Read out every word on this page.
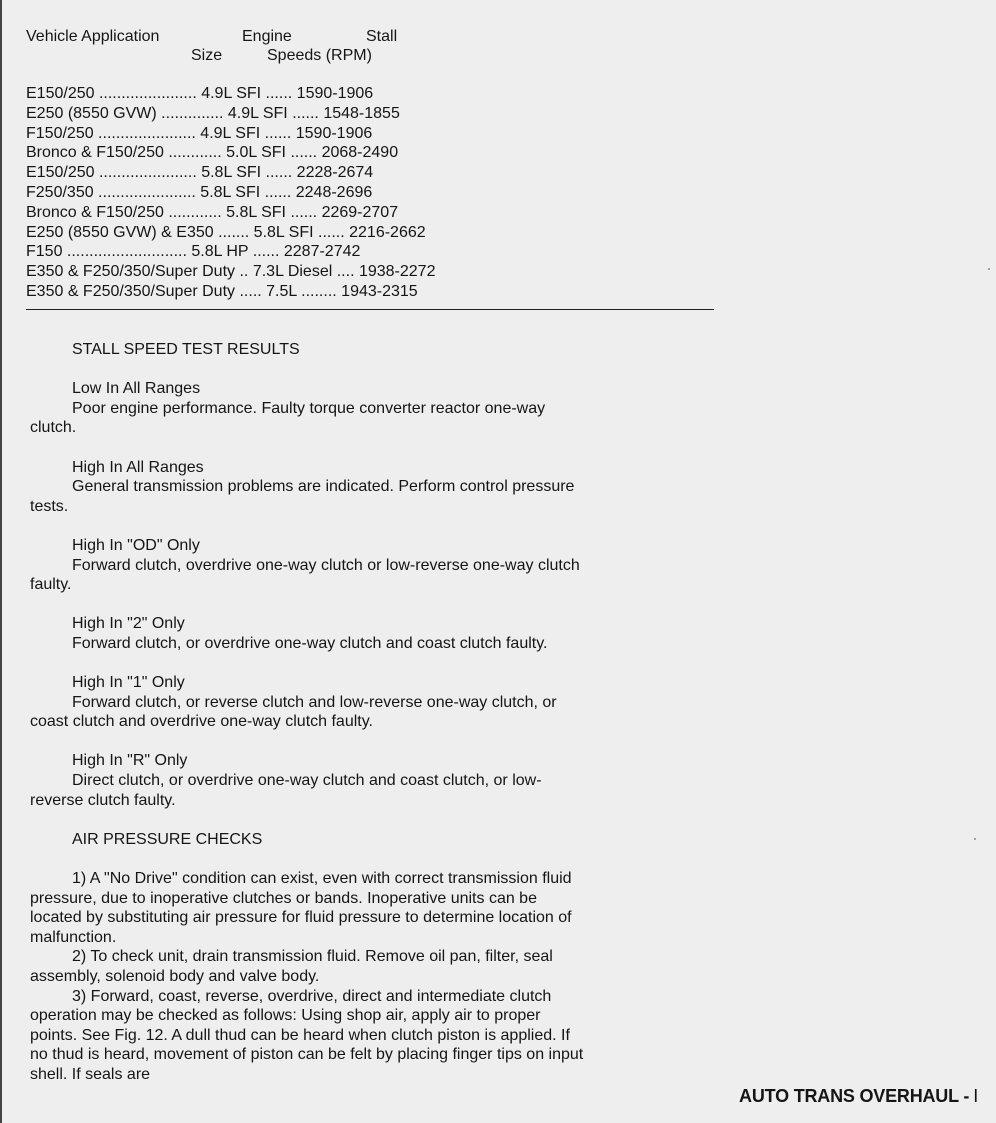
Vehicle Application	Engine	Stall
Size	Speeds (RPM)
E150/250 ...................... 4.9L SFI ...... 1590-1906
E250 (8550 GVW) .............. 4.9L SFI ...... 1548-1855
F150/250 ...................... 4.9L SFI ...... 1590-1906
Bronco & F150/250 ............ 5.0L SFI ...... 2068-2490
E150/250 ...................... 5.8L SFI ...... 2228-2674
F250/350 ...................... 5.8L SFI ...... 2248-2696
Bronco & F150/250 ............ 5.8L SFI ...... 2269-2707
E250 (8550 GVW) & E350 ....... 5.8L SFI ...... 2216-2662
F150 ........................... 5.8L HP ...... 2287-2742
E350 & F250/350/Super Duty .. 7.3L Diesel .... 1938-2272
E350 & F250/350/Super Duty ..... 7.5L ........ 1943-2315
STALL SPEED TEST RESULTS
Low In All Ranges
Poor engine performance. Faulty torque converter reactor one-way clutch.
High In All Ranges
General transmission problems are indicated. Perform control pressure tests.
High In "OD" Only
Forward clutch, overdrive one-way clutch or low-reverse one-way clutch faulty.
High In "2" Only
Forward clutch, or overdrive one-way clutch and coast clutch faulty.
High In "1" Only
Forward clutch, or reverse clutch and low-reverse one-way clutch, or coast clutch and overdrive one-way clutch faulty.
High In "R" Only
Direct clutch, or overdrive one-way clutch and coast clutch, or low-reverse clutch faulty.
AIR PRESSURE CHECKS
1) A "No Drive" condition can exist, even with correct transmission fluid pressure, due to inoperative clutches or bands. Inoperative units can be located by substituting air pressure for fluid pressure to determine location of malfunction.
2) To check unit, drain transmission fluid. Remove oil pan, filter, seal assembly, solenoid body and valve body.
3) Forward, coast, reverse, overdrive, direct and intermediate clutch operation may be checked as follows: Using shop air, apply air to proper points. See Fig. 12. A dull thud can be heard when clutch piston is applied. If no thud is heard, movement of piston can be felt by placing finger tips on input shell. If seals are
AUTO TRANS OVERHAUL - I
